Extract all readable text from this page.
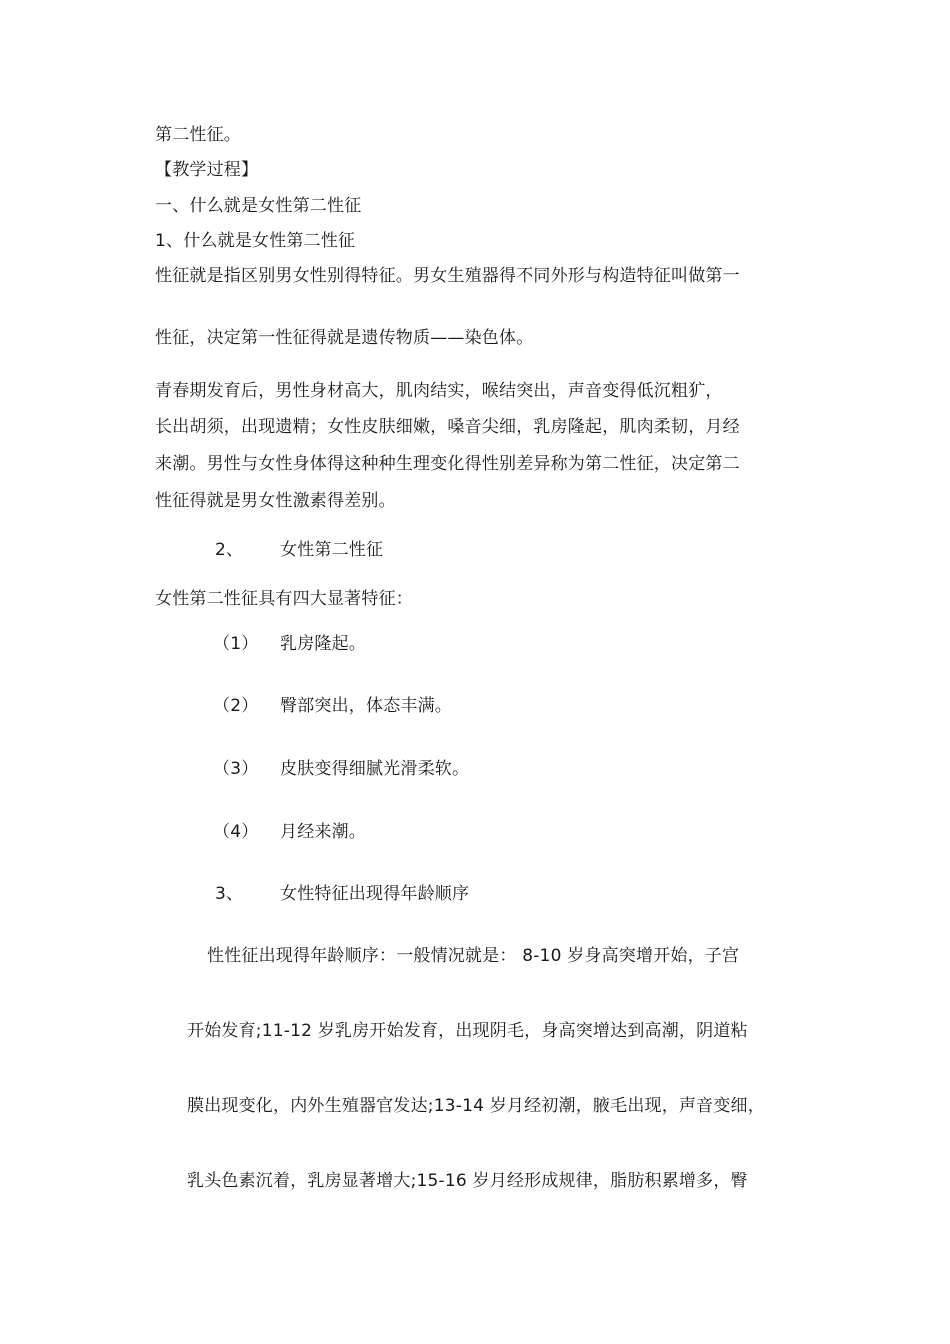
第二性征。
【教学过程】
一、什么就是女性第二性征
1、什么就是女性第二性征
性征就是指区别男女性别得特征。男女生殖器得不同外形与构造特征叫做第一
性征，决定第一性征得就是遗传物质——染色体。
青春期发育后，男性身材高大，肌肉结实，喉结突出，声音变得低沉粗犷，
长出胡须，出现遗精；女性皮肤细嫩，嗓音尖细，乳房隆起，肌肉柔韧，月经
来潮。男性与女性身体得这种种生理变化得性别差异称为第二性征，决定第二
性征得就是男女性激素得差别。
2、 女性第二性征
女性第二性征具有四大显著特征：
（1） 乳房隆起。
（2） 臀部突出，体态丰满。
（3） 皮肤变得细腻光滑柔软。
（4） 月经来潮。
3、 女性特征出现得年龄顺序
性性征出现得年龄顺序：一般情况就是： 8-10 岁身高突增开始，子宫
开始发育;11-12 岁乳房开始发育，出现阴毛，身高突增达到高潮，阴道粘
膜出现变化，内外生殖器官发达;13-14 岁月经初潮，腋毛出现，声音变细，
乳头色素沉着，乳房显著增大;15-16 岁月经形成规律，脂肪积累增多，臀
